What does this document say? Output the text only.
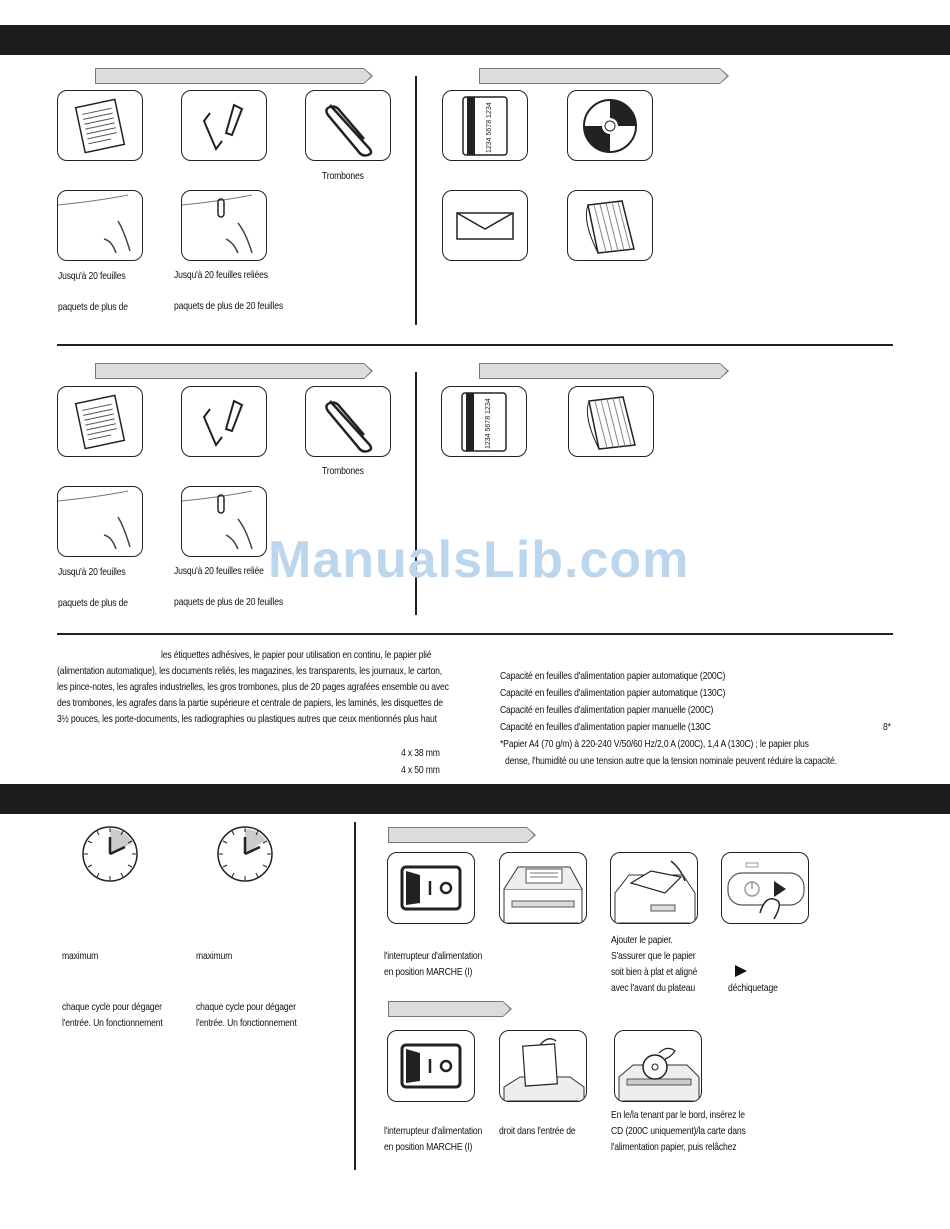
Trombones
Jusqu'à 20 feuilles	Jusqu'à 20 feuilles reliées
paquets de plus de	paquets de plus de 20 feuilles
1234 5678 1234
Trombones
Jusqu'à 20 feuilles	Jusqu'à 20 feuilles reliée
paquets de plus de	paquets de plus de 20 feuilles
1234 5678 1234
ManualsLib.com
les étiquettes adhésives, le papier pour utilisation en continu, le papier plié
(alimentation automatique), les documents reliés, les magazines, les transparents, les journaux, le carton,
les pince-notes, les agrafes industrielles, les gros trombones, plus de 20 pages agrafées ensemble ou avec
des trombones, les agrafes dans la partie supérieure et centrale de papiers, les laminés, les disquettes de
3½ pouces, les porte-documents, les radiographies ou plastiques autres que ceux mentionnés plus haut
4 x 38 mm
4 x 50 mm
Capacité en feuilles d'alimentation papier automatique (200C)
Capacité en feuilles d'alimentation papier automatique (130C)
Capacité en feuilles d'alimentation papier manuelle (200C)
Capacité en feuilles d'alimentation papier manuelle (130C	8*
*Papier A4 (70 g/m) à 220-240 V/50/60 Hz/2,0 A (200C), 1,4 A (130C) ; le papier plus
dense, l'humidité ou une tension autre que la tension nominale peuvent réduire la capacité.
maximum	maximum
chaque cycle pour dégager
l'entrée. Un fonctionnement
chaque cycle pour dégager
l'entrée. Un fonctionnement
l'interrupteur d'alimentation
en position MARCHE (I)
Ajouter le papier.
S'assurer que le papier
soit bien à plat et aligné
avec l'avant du plateau	déchiquetage
l'interrupteur d'alimentation
en position MARCHE (I)
droit dans l'entrée de
En le/la tenant par le bord, insérez le
CD (200C uniquement)/la carte dans
l'alimentation papier, puis relâchez
